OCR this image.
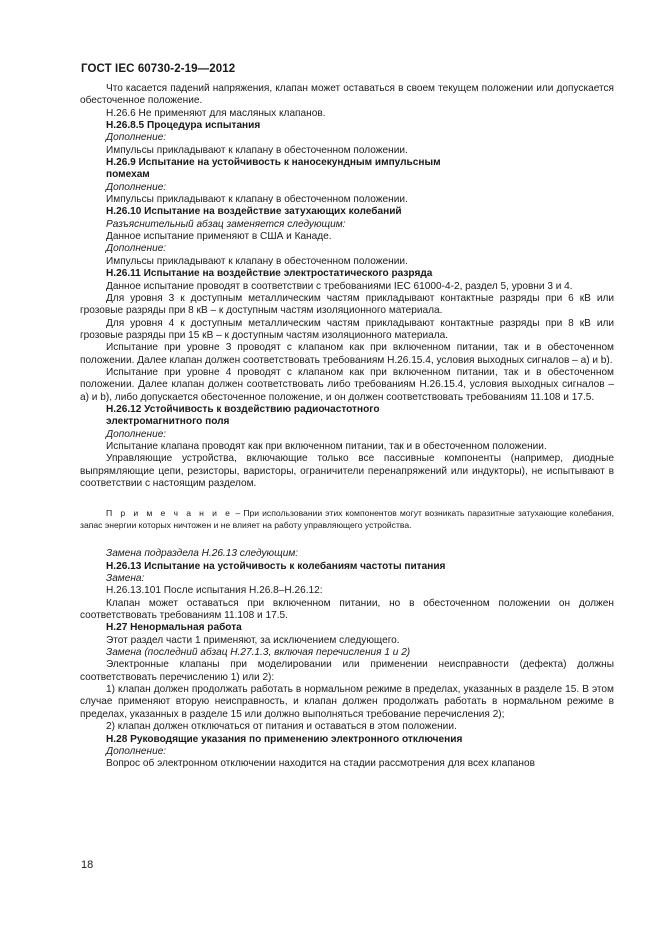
ГОСТ IEC 60730-2-19—2012

Что касается падений напряжения, клапан может оставаться в своем текущем положении или допускается обесточенное положение.

Н.26.6 Не применяют для масляных клапанов.

Н.26.8.5 Процедура испытания

Дополнение:

Импульсы прикладывают к клапану в обесточенном положении.

Н.26.9 Испытание на устойчивость к наносекундным импульсным

помехам

Дополнение:

Импульсы прикладывают к клапану в обесточенном положении.

Н.26.10 Испытание на воздействие затухающих колебаний

Разъяснительный абзац заменяется следующим:

Данное испытание применяют в США и Канаде.

Дополнение:

Импульсы прикладывают к клапану в обесточенном положении.

Н.26.11 Испытание на воздействие электростатического разряда

Данное испытание проводят в соответствии с требованиями IEC 61000-4-2, раздел 5, уровни 3 и 4.

Для уровня 3 к доступным металлическим частям прикладывают контактные разряды при 6 кВ или грозовые разряды при 8 кВ – к доступным частям изоляционного материала.

Для уровня 4 к доступным металлическим частям прикладывают контактные разряды при 8 кВ или грозовые разряды при 15 кВ – к доступным частям изоляционного материала.

Испытание при уровне 3 проводят с клапаном как при включенном питании, так и в обесточенном положении. Далее клапан должен соответствовать требованиям Н.26.15.4, условия выходных сигналов – а) и b).

Испытание при уровне 4 проводят с клапаном как при включенном питании, так и в обесточенном положении. Далее клапан должен соответствовать либо требованиям Н.26.15.4, условия выходных сигналов – а) и b), либо допускается обесточенное положение, и он должен соответствовать требованиям 11.108 и 17.5.

Н.26.12 Устойчивость к воздействию радиочастотного

электромагнитного поля

Дополнение:

Испытание клапана проводят как при включенном питании, так и в обесточенном положении.

Управляющие устройства, включающие только все пассивные компоненты (например, диодные выпрямляющие цепи, резисторы, варисторы, ограничители перенапряжений или индукторы), не испытывают в соответствии с настоящим разделом.

П р и м е ч а н и е – При использовании этих компонентов могут возникать паразитные затухающие колебания, запас энергии которых ничтожен и не влияет на работу управляющего устройства.

Замена подраздела Н.26.13 следующим:

Н.26.13 Испытание на устойчивость к колебаниям частоты питания

Замена:

Н.26.13.101 После испытания Н.26.8–Н.26.12:

Клапан может оставаться при включенном питании, но в обесточенном положении он должен соответствовать требованиям 11.108 и 17.5.

Н.27 Ненормальная работа

Этот раздел части 1 применяют, за исключением следующего.

Замена (последний абзац Н.27.1.3, включая перечисления 1 и 2)

Электронные клапаны при моделировании или применении неисправности (дефекта) должны соответствовать перечислению 1) или 2):

1) клапан должен продолжать работать в нормальном режиме в пределах, указанных в разделе 15. В этом случае применяют вторую неисправность, и клапан должен продолжать работать в нормальном режиме в пределах, указанных в разделе 15 или должно выполняться требование перечисления 2);

2) клапан должен отключаться от питания и оставаться в этом положении.

Н.28 Руководящие указания по применению электронного отключения

Дополнение:

Вопрос об электронном отключении находится на стадии рассмотрения для всех клапанов

18
